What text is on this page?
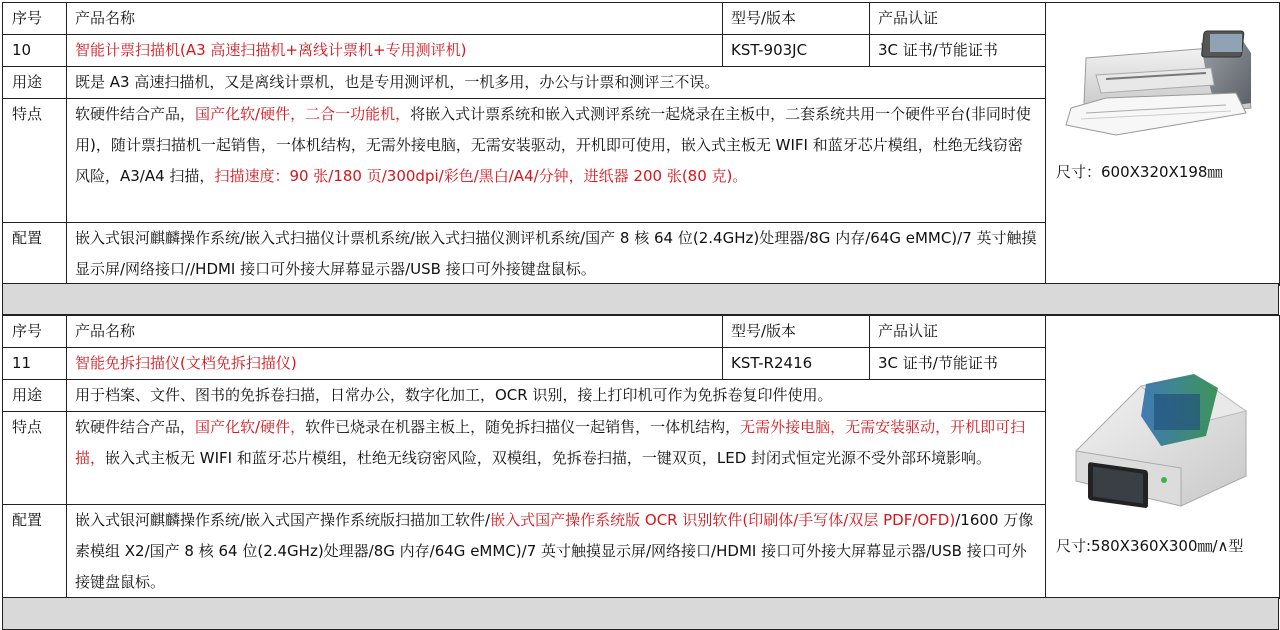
序号	产品名称	型号/版本	产品认证	尺寸：600X320X198㎜

10	智能计票扫描机(A3 高速扫描机+离线计票机+专用测评机)	KST-903JC	3C 证书/节能证书	
用途	既是 A3 高速扫描机，又是离线计票机，也是专用测评机，一机多用，办公与计票和测评三不误。			
特点	软硬件结合产品，国产化软/硬件，二合一功能机，将嵌入式计票系统和嵌入式测评系统一起烧录在主板中，二套系统共用一个硬件平台(非同时使用)，随计票扫描机一起销售，一体机结构，无需外接电脑，无需安装驱动，开机即可使用，嵌入式主板无 WIFI 和蓝牙芯片模组，杜绝无线窃密风险，A3/A4 扫描，扫描速度：90 张/180 页/300dpi/彩色/黑白/A4/分钟，进纸器 200 张(80 克)。			
配置	嵌入式银河麒麟操作系统/嵌入式扫描仪计票机系统/嵌入式扫描仪测评机系统/国产 8 核 64 位(2.4GHz)处理器/8G 内存/64G eMMC)/7 英寸触摸显示屏/网络接口//HDMI 接口可外接大屏幕显示器/USB 接口可外接键盘鼠标。			
序号	产品名称	型号/版本	产品认证	尺寸:580X360X300㎜/∧型

11	智能免拆扫描仪(文档免拆扫描仪)	KST-R2416	3C 证书/节能证书	
用途	用于档案、文件、图书的免拆卷扫描，日常办公，数字化加工，OCR 识别，接上打印机可作为免拆卷复印件使用。			
特点	软硬件结合产品，国产化软/硬件，软件已烧录在机器主板上，随免拆扫描仪一起销售，一体机结构，无需外接电脑，无需安装驱动，开机即可扫描，嵌入式主板无 WIFI 和蓝牙芯片模组，杜绝无线窃密风险，双模组，免拆卷扫描，一键双页，LED 封闭式恒定光源不受外部环境影响。			
配置	嵌入式银河麒麟操作系统/嵌入式国产操作系统版扫描加工软件/嵌入式国产操作系统版 OCR 识别软件(印刷体/手写体/双层 PDF/OFD)/1600 万像素模组 X2/国产 8 核 64 位(2.4GHz)处理器/8G 内存/64G eMMC)/7 英寸触摸显示屏/网络接口/HDMI 接口可外接大屏幕显示器/USB 接口可外接键盘鼠标。			
